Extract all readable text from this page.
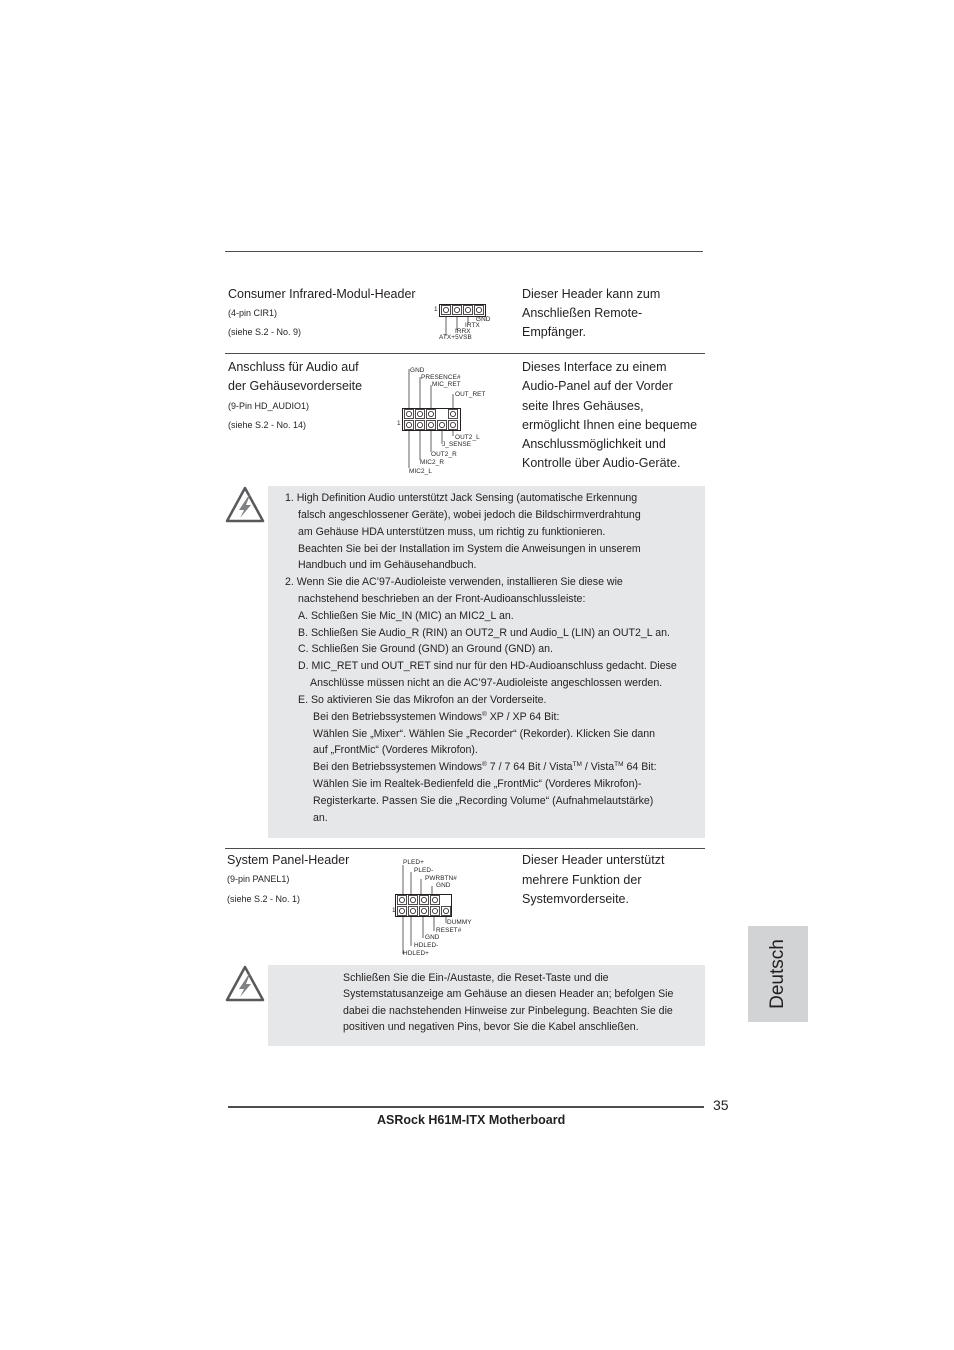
Consumer Infrared-Modul-Header
(4-pin CIR1)
(siehe S.2 - No. 9)
Dieser Header kann zum
Anschließen Remote-
Empfänger.
1
GND
IRTX
IRRX
ATX+5VSB
Anschluss für Audio auf
der Gehäusevorderseite
(9-Pin HD_AUDIO1)
(siehe S.2 - No. 14)
Dieses Interface zu einem
Audio-Panel auf der Vorder
seite Ihres Gehäuses,
ermöglicht Ihnen eine bequeme
Anschlussmöglichkeit und
Kontrolle über Audio-Geräte.
1
GND
PRESENCE#
MIC_RET
OUT_RET
OUT2_L
J_SENSE
OUT2_R
MIC2_R
MIC2_L
1. High Definition Audio unterstützt Jack Sensing (automatische Erkennung
falsch angeschlossener Geräte), wobei jedoch die Bildschirmverdrahtung
am Gehäuse HDA unterstützen muss, um richtig zu funktionieren.
Beachten Sie bei der Installation im System die Anweisungen in unserem
Handbuch und im Gehäusehandbuch.
2. Wenn Sie die AC’97-Audioleiste verwenden, installieren Sie diese wie
nachstehend beschrieben an der Front-Audioanschlussleiste:
A. Schließen Sie Mic_IN (MIC) an MIC2_L an.
B. Schließen Sie Audio_R (RIN) an OUT2_R und Audio_L (LIN) an OUT2_L an.
C. Schließen Sie Ground (GND) an Ground (GND) an.
D. MIC_RET und OUT_RET sind nur für den HD-Audioanschluss gedacht. Diese
Anschlüsse müssen nicht an die AC’97-Audioleiste angeschlossen werden.
E. So aktivieren Sie das Mikrofon an der Vorderseite.
Bei den Betriebssystemen Windows® XP / XP 64 Bit:
Wählen Sie „Mixer“. Wählen Sie „Recorder“ (Rekorder). Klicken Sie dann
auf „FrontMic“ (Vorderes Mikrofon).
Bei den Betriebssystemen Windows® 7 / 7 64 Bit / Vista™ / Vista™ 64 Bit:
Wählen Sie im Realtek-Bedienfeld die „FrontMic“ (Vorderes Mikrofon)-
Registerkarte. Passen Sie die „Recording Volume“ (Aufnahmelautstärke)
an.
System Panel-Header
(9-pin PANEL1)
(siehe S.2 - No. 1)
Dieser Header unterstützt
mehrere Funktion der
Systemvorderseite.
1
PLED+
PLED-
PWRBTN#
GND
DUMMY
RESET#
GND
HDLED-
HDLED+
Schließen Sie die Ein-/Austaste, die Reset-Taste und die
Systemstatusanzeige am Gehäuse an diesen Header an; befolgen Sie
dabei die nachstehenden Hinweise zur Pinbelegung. Beachten Sie die
positiven und negativen Pins, bevor Sie die Kabel anschließen.
Deutsch
35
ASRock H61M-ITX Motherboard
